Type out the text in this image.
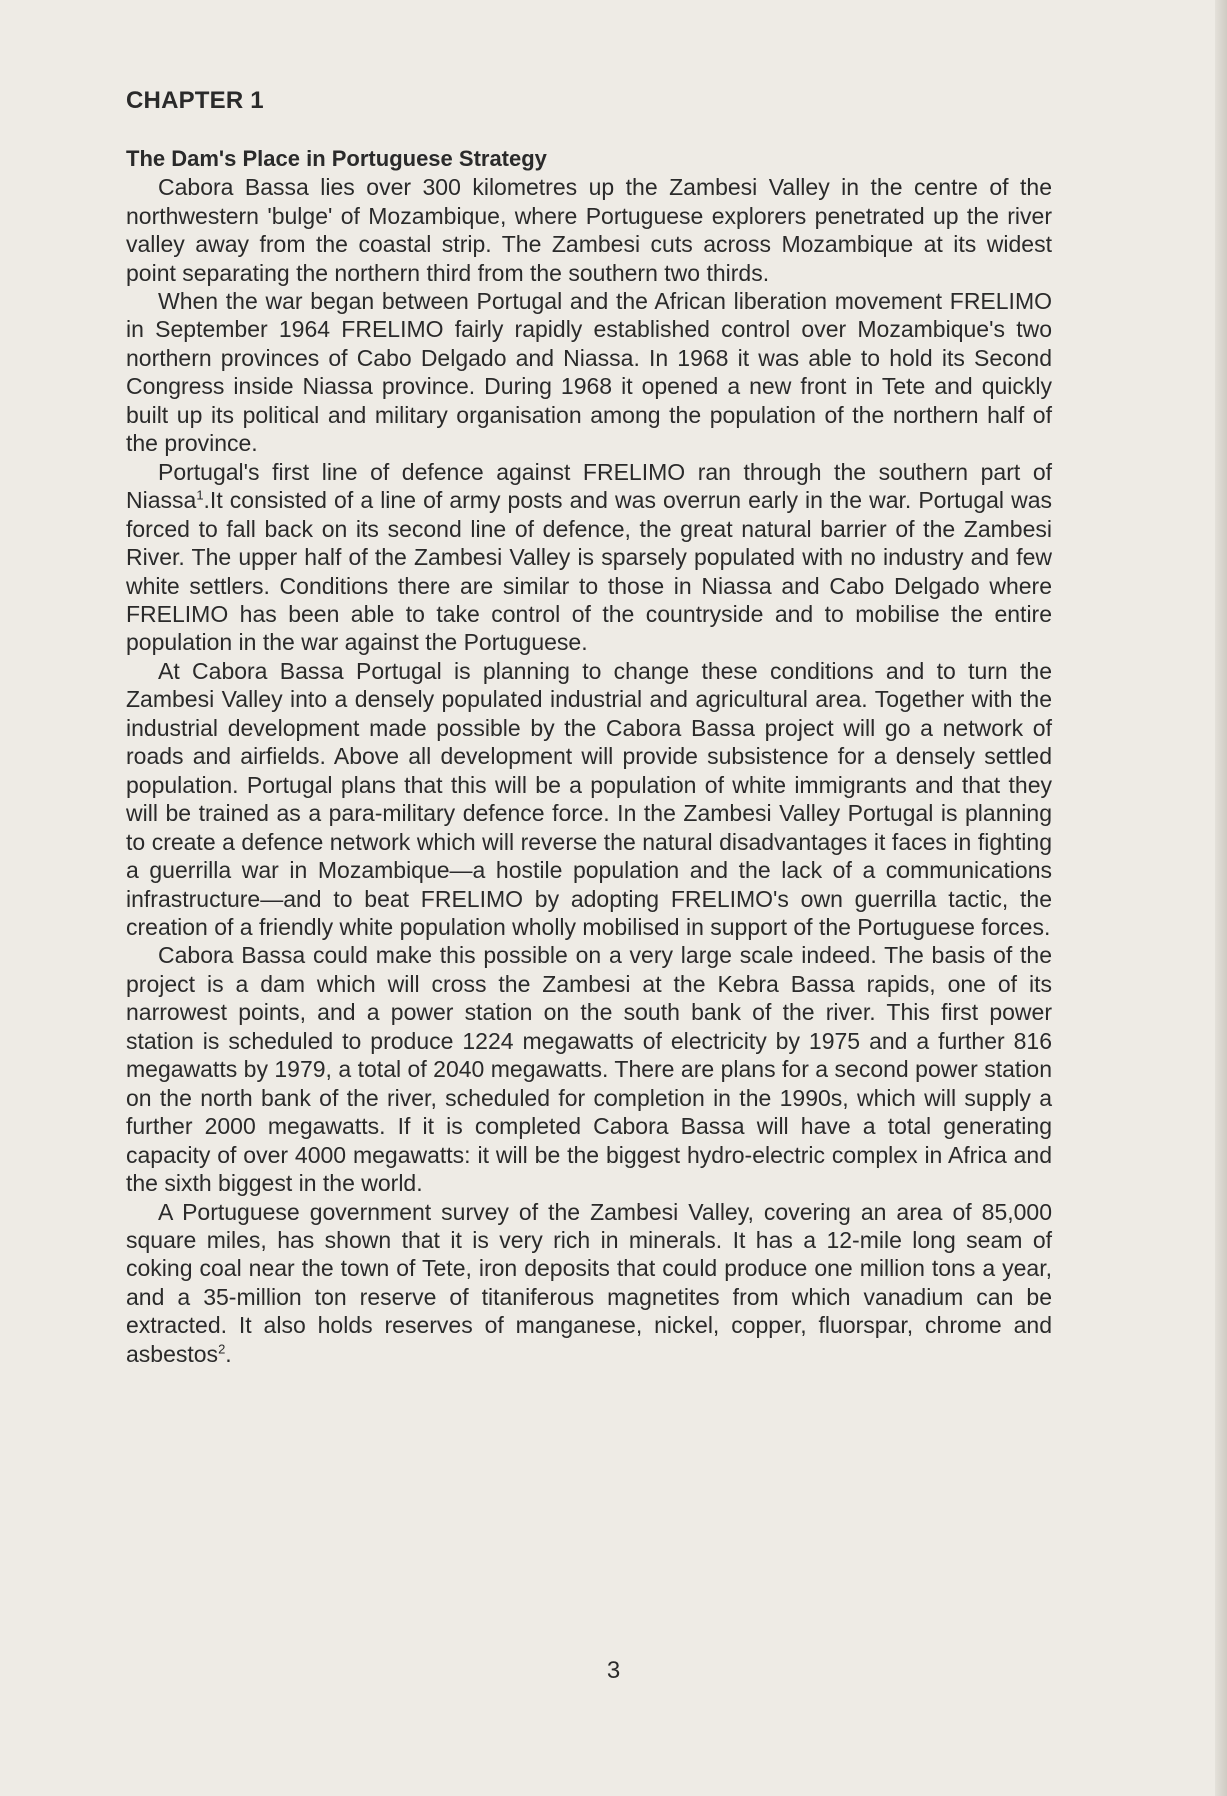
CHAPTER 1
The Dam's Place in Portuguese Strategy

Cabora Bassa lies over 300 kilometres up the Zambesi Valley in the centre of the northwestern 'bulge' of Mozambique, where Portuguese explorers penetrated up the river valley away from the coastal strip. The Zambesi cuts across Mozambique at its widest point separating the northern third from the southern two thirds.

When the war began between Portugal and the African liberation movement FRELIMO in September 1964 FRELIMO fairly rapidly established control over Mozambique's two northern provinces of Cabo Delgado and Niassa. In 1968 it was able to hold its Second Congress inside Niassa province. During 1968 it opened a new front in Tete and quickly built up its political and military organisation among the population of the northern half of the province.

Portugal's first line of defence against FRELIMO ran through the southern part of Niassa$^1$.It consisted of a line of army posts and was overrun early in the war. Portugal was forced to fall back on its second line of defence, the great natural barrier of the Zambesi River. The upper half of the Zambesi Valley is sparsely populated with no industry and few white settlers. Conditions there are similar to those in Niassa and Cabo Delgado where FRELIMO has been able to take control of the countryside and to mobilise the entire population in the war against the Portuguese.

At Cabora Bassa Portugal is planning to change these conditions and to turn the Zambesi Valley into a densely populated industrial and agricultural area. Together with the industrial development made possible by the Cabora Bassa project will go a network of roads and airfields. Above all development will provide subsistence for a densely settled population. Portugal plans that this will be a population of white immigrants and that they will be trained as a para-military defence force. In the Zambesi Valley Portugal is planning to create a defence network which will reverse the natural disadvantages it faces in fighting a guerrilla war in Mozambique—a hostile population and the lack of a communications infrastructure—and to beat FRELIMO by adopting FRELIMO's own guerrilla tactic, the creation of a friendly white population wholly mobilised in support of the Portuguese forces.

Cabora Bassa could make this possible on a very large scale indeed. The basis of the project is a dam which will cross the Zambesi at the Kebra Bassa rapids, one of its narrowest points, and a power station on the south bank of the river. This first power station is scheduled to produce 1224 megawatts of electricity by 1975 and a further 816 megawatts by 1979, a total of 2040 megawatts. There are plans for a second power station on the north bank of the river, scheduled for completion in the 1990s, which will supply a further 2000 megawatts. If it is completed Cabora Bassa will have a total generating capacity of over 4000 megawatts: it will be the biggest hydro-electric complex in Africa and the sixth biggest in the world.

A Portuguese government survey of the Zambesi Valley, covering an area of 85,000 square miles, has shown that it is very rich in minerals. It has a 12-mile long seam of coking coal near the town of Tete, iron deposits that could produce one million tons a year, and a 35-million ton reserve of titaniferous magnetites from which vanadium can be extracted. It also holds reserves of manganese, nickel, copper, fluorspar, chrome and asbestos$^2$.

3
